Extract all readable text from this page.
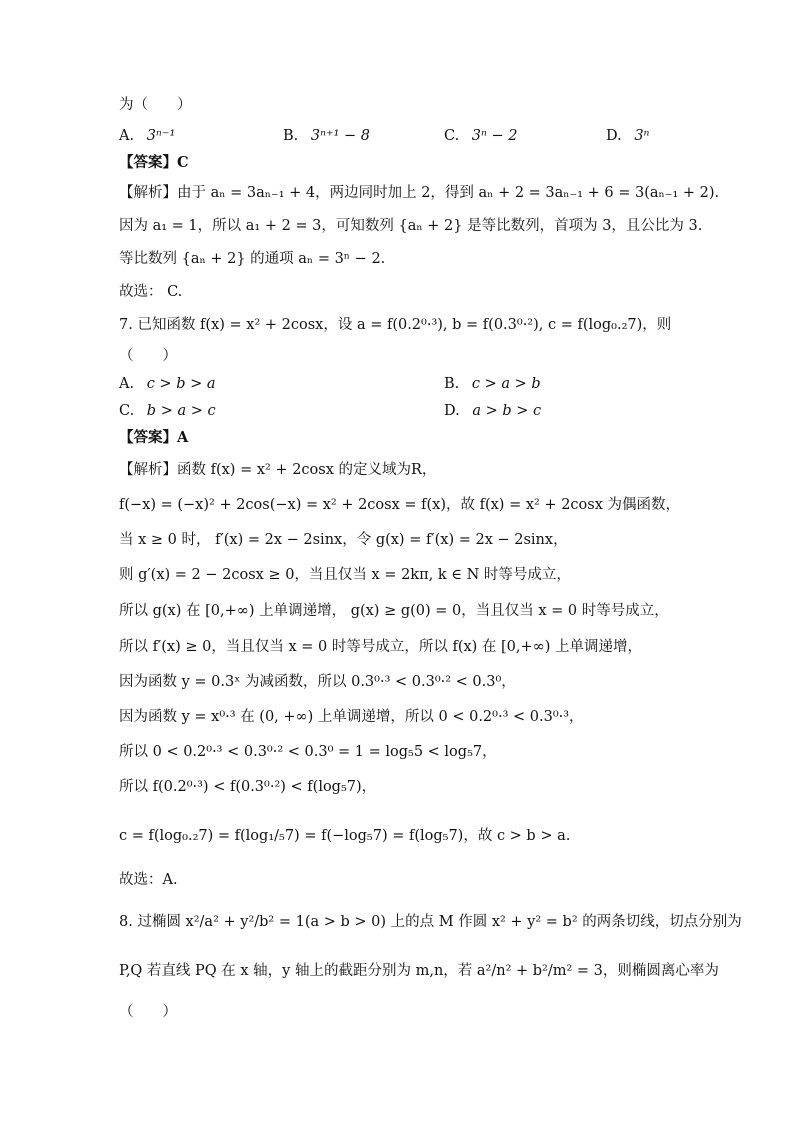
为（　　）
A. 3ⁿ⁻¹	B. 3ⁿ⁺¹ − 8	C. 3ⁿ − 2	D. 3ⁿ
【答案】C
【解析】由于 aₙ = 3aₙ₋₁ + 4，两边同时加上 2，得到 aₙ + 2 = 3aₙ₋₁ + 6 = 3(aₙ₋₁ + 2).
因为 a₁ = 1，所以 a₁ + 2 = 3，可知数列 {aₙ + 2} 是等比数列，首项为 3，且公比为 3.
等比数列 {aₙ + 2} 的通项 aₙ = 3ⁿ − 2.
故选： C.
7. 已知函数 f(x) = x² + 2cosx，设 a = f(0.2⁰·³), b = f(0.3⁰·²), c = f(log₀.₂7)，则
（　　）
A. c > b > a	B. c > a > b
C. b > a > c	D. a > b > c
【答案】A
【解析】函数 f(x) = x² + 2cosx 的定义域为R，
f(−x) = (−x)² + 2cos(−x) = x² + 2cosx = f(x)，故 f(x) = x² + 2cosx 为偶函数，
当 x ≥ 0 时， f′(x) = 2x − 2sinx，令 g(x) = f′(x) = 2x − 2sinx，
则 g′(x) = 2 − 2cosx ≥ 0，当且仅当 x = 2kπ, k ∈ N 时等号成立，
所以 g(x) 在 [0,+∞) 上单调递增， g(x) ≥ g(0) = 0，当且仅当 x = 0 时等号成立，
所以 f′(x) ≥ 0，当且仅当 x = 0 时等号成立，所以 f(x) 在 [0,+∞) 上单调递增，
因为函数 y = 0.3ˣ 为减函数，所以 0.3⁰·³ < 0.3⁰·² < 0.3⁰，
因为函数 y = x⁰·³ 在 (0, +∞) 上单调递增，所以 0 < 0.2⁰·³ < 0.3⁰·³，
所以 0 < 0.2⁰·³ < 0.3⁰·² < 0.3⁰ = 1 = log₅5 < log₅7，
所以 f(0.2⁰·³) < f(0.3⁰·²) < f(log₅7)，
c = f(log₀.₂7) = f(log₁/₅7) = f(−log₅7) = f(log₅7)，故 c > b > a.
故选：A.
8. 过椭圆 x²/a² + y²/b² = 1(a > b > 0) 上的点 M 作圆 x² + y² = b² 的两条切线，切点分别为
P,Q 若直线 PQ 在 x 轴，y 轴上的截距分别为 m,n，若 a²/n² + b²/m² = 3，则椭圆离心率为
（　　）
